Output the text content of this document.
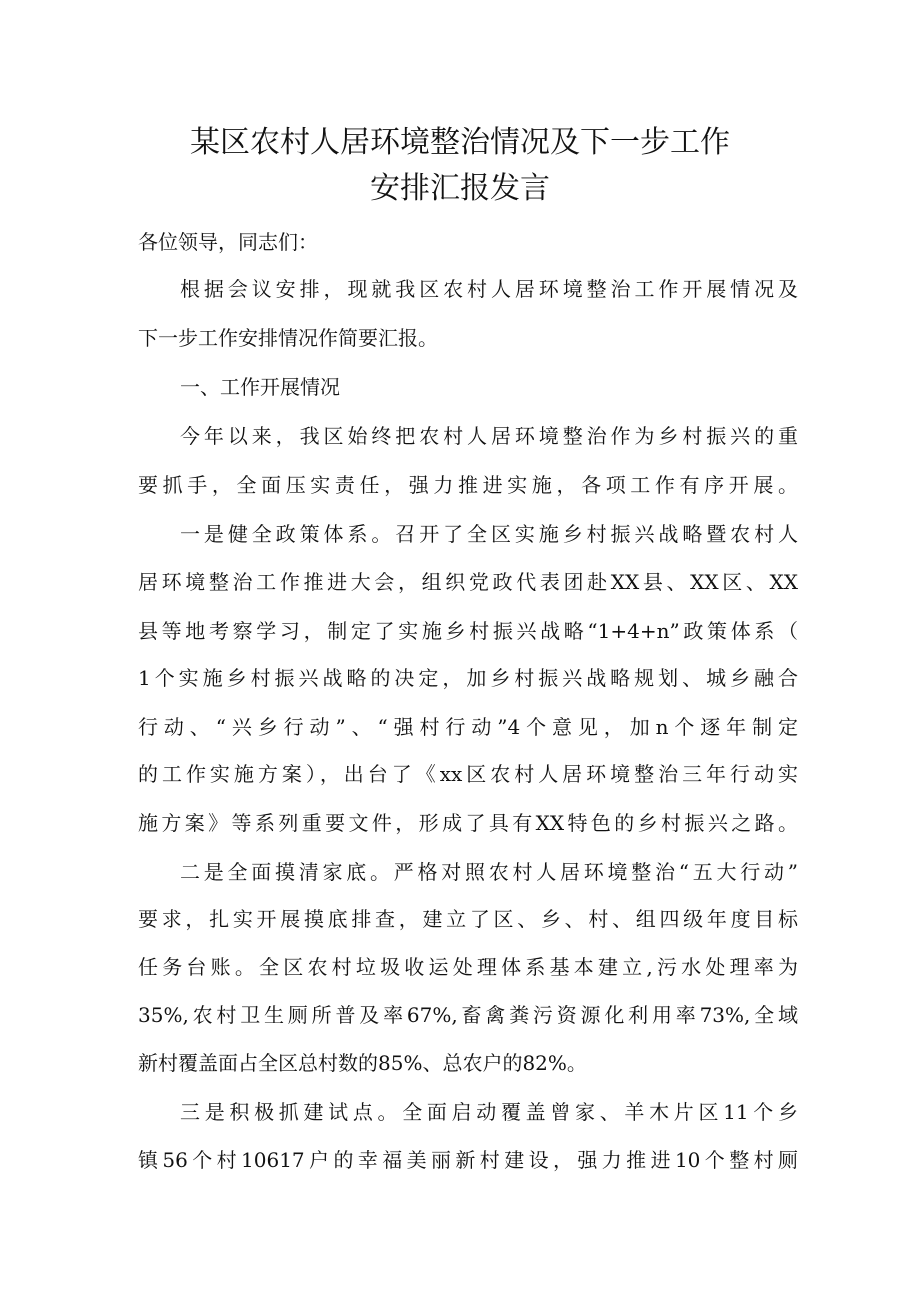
某区农村人居环境整治情况及下一步工作
安排汇报发言
各位领导，同志们：
根据会议安排，现就我区农村人居环境整治工作开展情况及
下一步工作安排情况作简要汇报。
一、工作开展情况
今年以来，我区始终把农村人居环境整治作为乡村振兴的重
要抓手，全面压实责任，强力推进实施，各项工作有序开展。
一是健全政策体系。召开了全区实施乡村振兴战略暨农村人
居环境整治工作推进大会，组织党政代表团赴XX县、XX区、XX
县等地考察学习，制定了实施乡村振兴战略“1+4+n”政策体系（
1个实施乡村振兴战略的决定，加乡村振兴战略规划、城乡融合
行动、“兴乡行动”、“强村行动”4个意见，加n个逐年制定
的工作实施方案），出台了《xx区农村人居环境整治三年行动实
施方案》等系列重要文件，形成了具有XX特色的乡村振兴之路。
二是全面摸清家底。严格对照农村人居环境整治“五大行动”
要求，扎实开展摸底排查，建立了区、乡、村、组四级年度目标
任务台账。全区农村垃圾收运处理体系基本建立,污水处理率为
35%,农村卫生厕所普及率67%,畜禽粪污资源化利用率73%,全域
新村覆盖面占全区总村数的85%、总农户的82%。
三是积极抓建试点。全面启动覆盖曾家、羊木片区11个乡
镇56个村10617户的幸福美丽新村建设，强力推进10个整村厕
